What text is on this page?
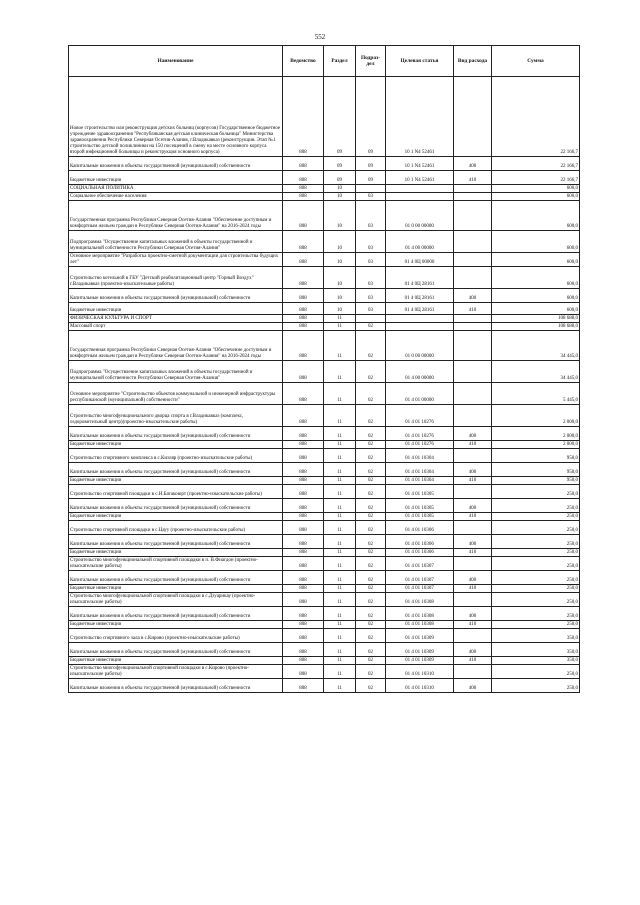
552
Наименование	Ведомство	Раздел	Подраз-дел	Целевая статья	Вид расхода	Сумма
Новое строительство или реконструкция детских больниц (корпусов) Государственное бюджетное учреждение здравоохранения "Республиканская детская клиническая больница" Министерства здравоохранения Республики Северная Осетия-Алания, г.Владикавказ (реконструкция. Этап №1 строительство детской поликлиники на 150 посещений в смену на месте основного корпуса второй инфекционной больницы и реконструкция основного корпуса)	808	09	09	10 1 N4 52461		22 166,7
Капитальные вложения в объекты государственной (муниципальной) собственности	808	09	09	10 1 N4 52461	400	22 166,7
Бюджетные инвестиции	808	09	09	10 1 N4 52461	410	22 166,7
СОЦИАЛЬНАЯ ПОЛИТИКА	808	10				600,0
Социальное обеспечение населения	808	10	03			600,0
Государственная программа Республики Северная Осетия-Алания "Обеспечение доступным и комфортным жильем граждан в Республике Северная Осетия-Алания" на 2016-2024 годы	808	10	03	01 0 00 00000		600,0
Подпрограмма "Осуществление капитальных вложений в объекты государственной и муниципальной собственности Республики Северная Осетия-Алания"	808	10	03	01 4 00 00000		600,0
Основное мероприятие "Разработка проектно-сметной документации для строительства будущих лет"	808	10	03	01 4 0Ц 00000		600,0
Строительство котельной в ГБУ "Детский реабилитационный центр "Горный Воздух" г.Владикавказ (проектно-изыскательные работы)	808	10	03	01 4 0Ц 28161		600,0
Капитальные вложения в объекты государственной (муниципальной) собственности	808	10	03	01 4 0Ц 28161	400	600,0
Бюджетные инвестиции	808	10	03	01 4 0Ц 28161	410	600,0
ФИЗИЧЕСКАЯ КУЛЬТУРА И СПОРТ	808	11				108 688,0
Массовый спорт	808	11	02			108 688,0
Государственная программа Республики Северная Осетия-Алания "Обеспечение доступным и комфортным жильем граждан в Республике Северная Осетия-Алания" на 2016-2024 годы	808	11	02	01 0 00 00000		34 445,0
Подпрограмма "Осуществление капитальных вложений в объекты государственной и муниципальной собственности Республики Северная Осетия-Алания"	808	11	02	01 4 00 00000		34 445,0
Основное мероприятие "Строительство объектов коммунальной и инженерной инфраструктуры республиканской (муниципальной) собственности"	808	11	02	01 4 01 00000		5 445,0
Строительство многофункционального дворца спорта в г.Владикавказ (комплекс, оздоровительный центр)(проектно-изыскательские работы)	808	11	02	01 4 01 10276		2 000,0
Капитальные вложения в объекты государственной (муниципальной) собственности	808	11	02	01 4 01 10276	400	2 000,0
Бюджетные инвестиции	808	11	02	01 4 01 10276	410	2 000,0
Строительство спортивного комплекса в с.Кизляр (проектно-изыскательские работы)	808	11	02	01 4 01 10304		950,0
Капитальные вложения в объекты государственной (муниципальной) собственности	808	11	02	01 4 01 10304	400	950,0
Бюджетные инвестиции	808	11	02	01 4 01 10304	410	950,0
Строительство спортивной площадки в с.Н.Батакоюрт (проектно-изыскательские работы)	808	11	02	01 4 01 10305		250,0
Капитальные вложения в объекты государственной (муниципальной) собственности	808	11	02	01 4 01 10305	400	250,0
Бюджетные инвестиции	808	11	02	01 4 01 10305	410	250,0
Строительство спортивной площадки в с.Цауу (проектно-изыскательские работы)	808	11	02	01 4 01 10306		250,0
Капитальные вложения в объекты государственной (муниципальной) собственности	808	11	02	01 4 01 10306	400	250,0
Бюджетные инвестиции	808	11	02	01 4 01 10306	410	250,0
Строительство многофункциональной спортивной площадки в п. В.Фиагдон (проектно-изыскательские работы)	808	11	02	01 4 01 10307		250,0
Капитальные вложения в объекты государственной (муниципальной) собственности	808	11	02	01 4 01 10307	400	250,0
Бюджетные инвестиции	808	11	02	01 4 01 10307	410	250,0
Строительство многофункциональной спортивной площадки в с.Дзуарикау (проектно-изыскательские работы)	808	11	02	01 4 01 10308		250,0
Капитальные вложения в объекты государственной (муниципальной) собственности	808	11	02	01 4 01 10308	400	250,0
Бюджетные инвестиции	808	11	02	01 4 01 10308	410	250,0
Строительство спортивного зала в с.Кирово (проектно-изыскательские работы)	808	11	02	01 4 01 10309		350,0
Капитальные вложения в объекты государственной (муниципальной) собственности	808	11	02	01 4 01 10309	400	350,0
Бюджетные инвестиции	808	11	02	01 4 01 10309	410	350,0
Строительство многофункциональной спортивной площадки в с.Кирово (проектно-изыскательские работы)	808	11	02	01 4 01 10310		250,0
Капитальные вложения в объекты государственной (муниципальной) собственности	808	11	02	01 4 01 10310	400	250,0
